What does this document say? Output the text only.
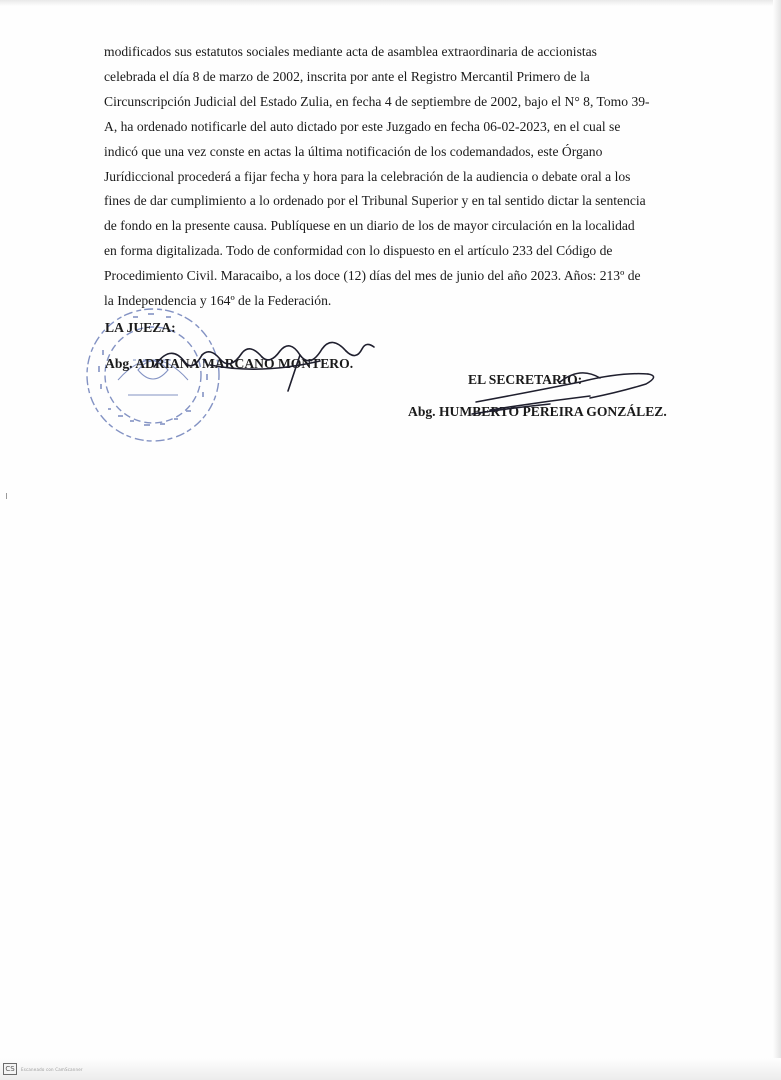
modificados sus estatutos sociales mediante acta de asamblea extraordinaria de accionistas

celebrada el día 8 de marzo de 2002, inscrita por ante el Registro Mercantil Primero de la

Circunscripción Judicial del Estado Zulia, en fecha 4 de septiembre de 2002, bajo el N° 8, Tomo 39-

A, ha ordenado notificarle del auto dictado por este Juzgado en fecha 06-02-2023, en el cual se

indicó que una vez conste en actas la última notificación de los codemandados, este Órgano

Jurídiccional procederá a fijar fecha y hora para la celebración de la audiencia o debate oral a los

fines de dar cumplimiento a lo ordenado por el Tribunal Superior y en tal sentido dictar la sentencia

de fondo en la presente causa. Publíquese en un diario de los de mayor circulación en la localidad

en forma digitalizada. Todo de conformidad con lo dispuesto en el artículo 233 del Código de

Procedimiento Civil. Maracaibo, a los doce (12) días del mes de junio del año 2023. Años: 213º de

la Independencia y 164º de la Federación.

LA JUEZA:
Abg. ADRIANA MARCANO MONTERO.
EL SECRETARIO:
Abg. HUMBERTO PEREIRA GONZÁLEZ.
CS	Escaneado con CamScanner
